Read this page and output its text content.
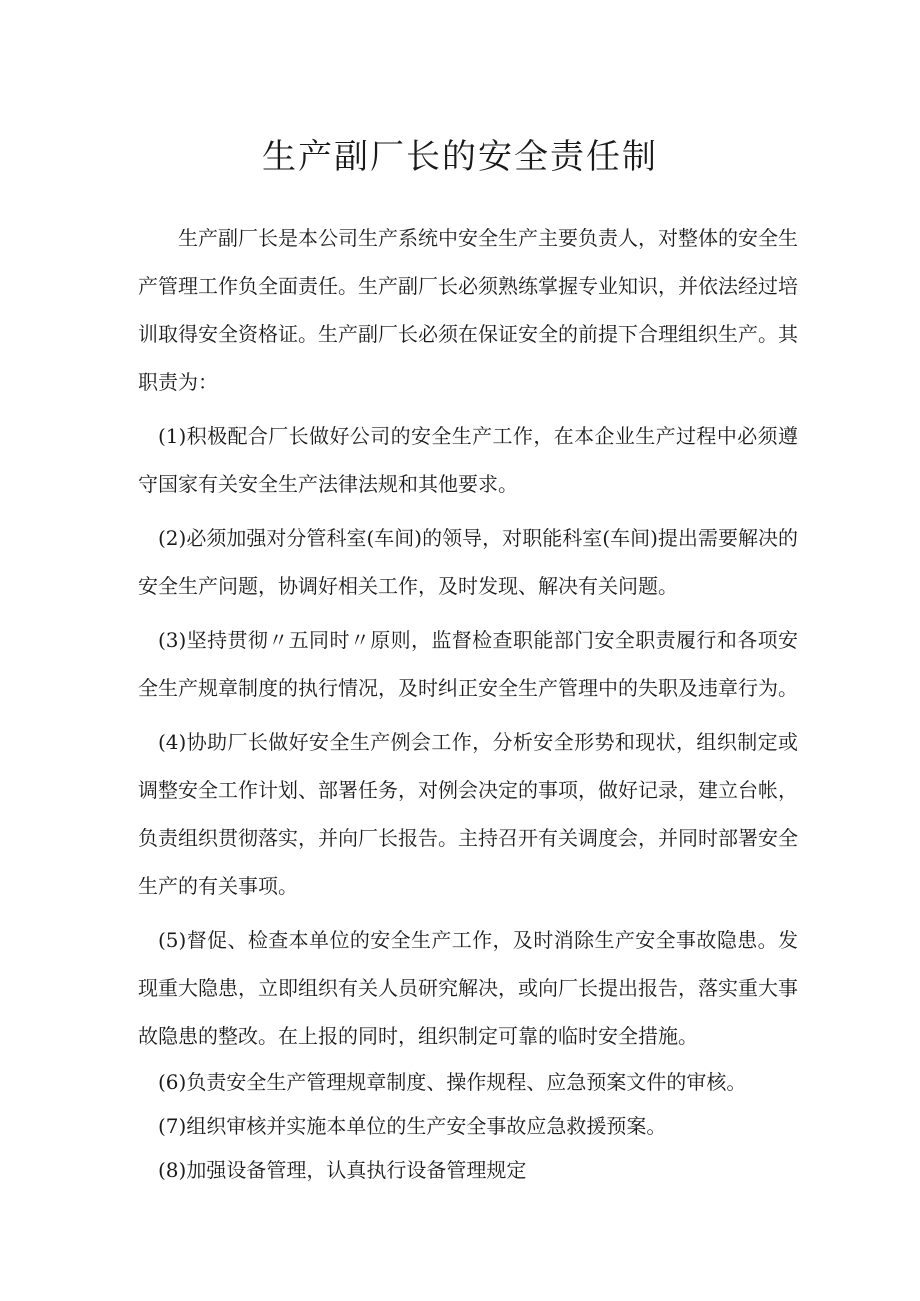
生产副厂长的安全责任制

生产副厂长是本公司生产系统中安全生产主要负责人，对整体的安全生产管理工作负全面责任。生产副厂长必须熟练掌握专业知识，并依法经过培训取得安全资格证。生产副厂长必须在保证安全的前提下合理组织生产。其职责为：

(1)积极配合厂长做好公司的安全生产工作，在本企业生产过程中必须遵守国家有关安全生产法律法规和其他要求。

(2)必须加强对分管科室(车间)的领导，对职能科室(车间)提出需要解决的安全生产问题，协调好相关工作，及时发现、解决有关问题。

(3)坚持贯彻〃五同时〃原则，监督检查职能部门安全职责履行和各项安全生产规章制度的执行情况，及时纠正安全生产管理中的失职及违章行为。

(4)协助厂长做好安全生产例会工作，分析安全形势和现状，组织制定或调整安全工作计划、部署任务，对例会决定的事项，做好记录，建立台帐，负责组织贯彻落实，并向厂长报告。主持召开有关调度会，并同时部署安全生产的有关事项。

(5)督促、检查本单位的安全生产工作，及时消除生产安全事故隐患。发现重大隐患，立即组织有关人员研究解决，或向厂长提出报告，落实重大事故隐患的整改。在上报的同时，组织制定可靠的临时安全措施。

(6)负责安全生产管理规章制度、操作规程、应急预案文件的审核。

(7)组织审核并实施本单位的生产安全事故应急救援预案。

(8)加强设备管理，认真执行设备管理规定
